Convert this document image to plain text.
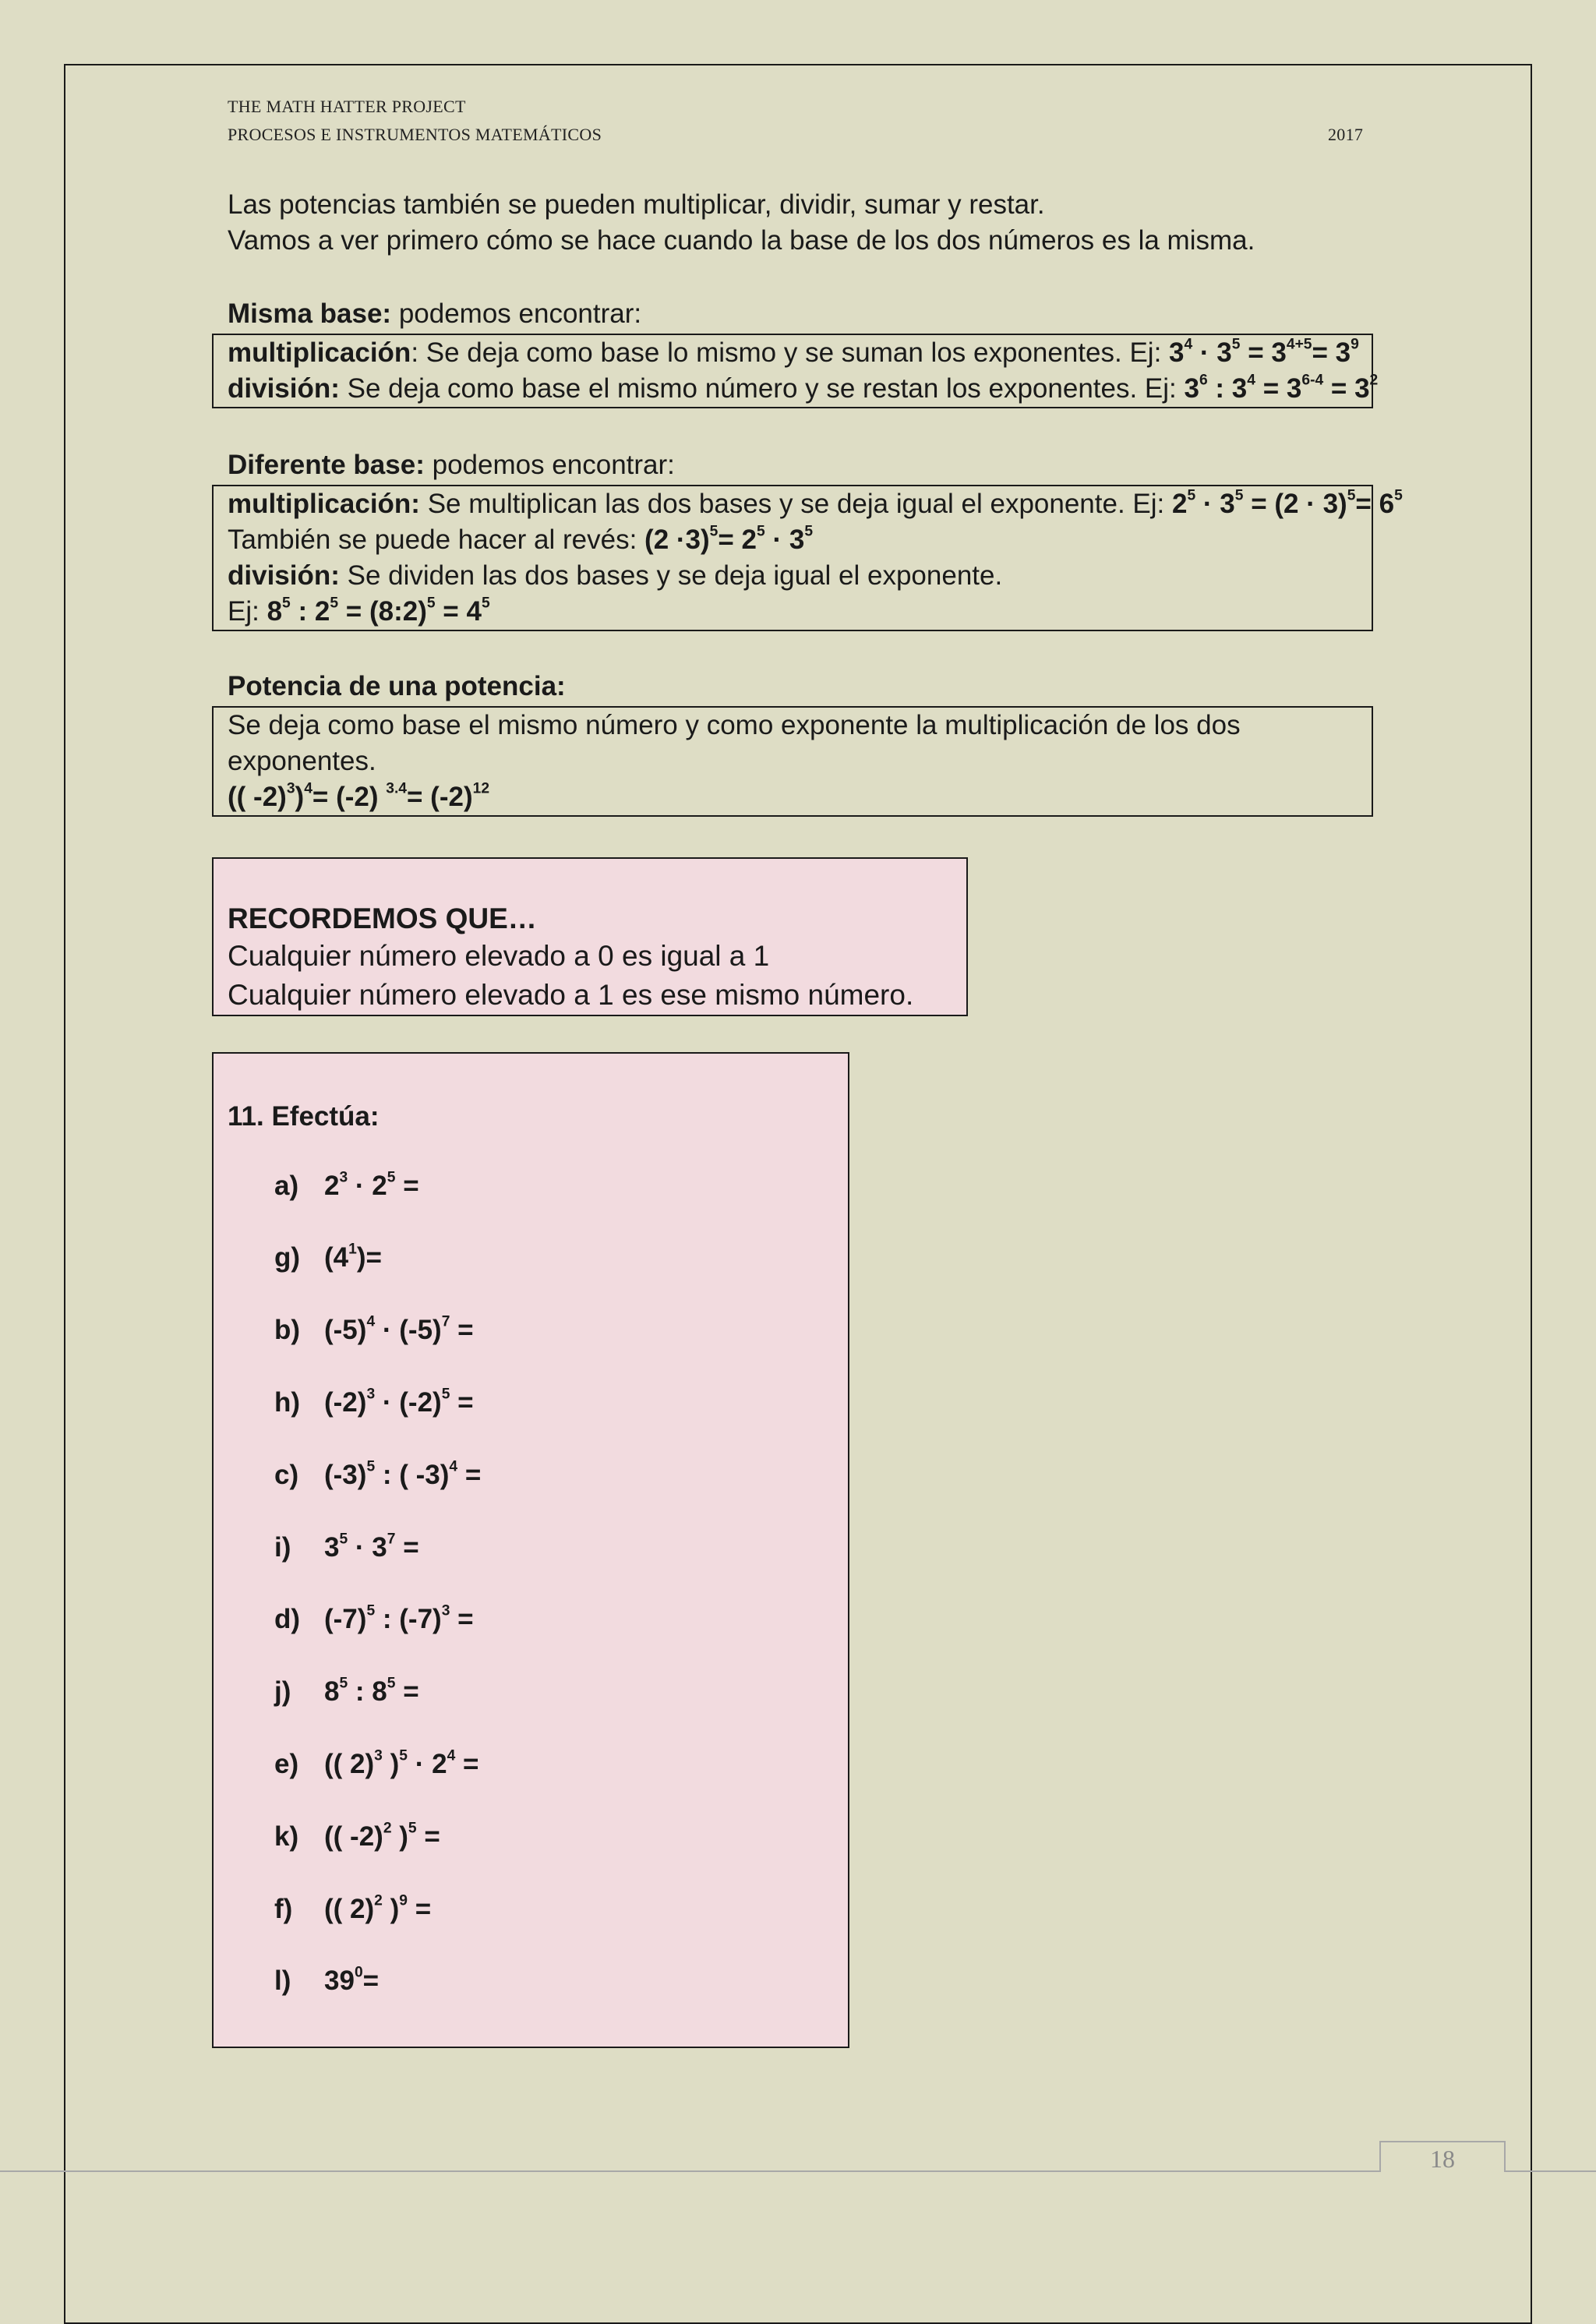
THE MATH HATTER PROJECT
PROCESOS E INSTRUMENTOS MATEMÁTICOS	2017
Las potencias también se pueden multiplicar, dividir, sumar y restar.
Vamos a ver primero cómo se hace cuando la base de los dos números es la misma.
Misma base: podemos encontrar:
multiplicación: Se deja como base lo mismo y se suman los exponentes. Ej: $3^4 \cdot 3^5 = 3^{4+5}= 3^9$
división: Se deja como base el mismo número y se restan los exponentes. Ej: $3^6$ : $3^4 = 3^{6-4} = 3^2$
Diferente base: podemos encontrar:
multiplicación: Se multiplican las dos bases y se deja igual el exponente. Ej: $2^5 \cdot 3^5 = (2 \cdot 3)^5= 6^5$
También se puede hacer al revés: $(2 \cdot 3)^5= 2^5 \cdot 3^5$
división: Se dividen las dos bases y se deja igual el exponente.
Ej: $8^5$ : $2^5$ = (8:2)$^5$ = $4^5$
Potencia de una potencia:
Se deja como base el mismo número y como exponente la multiplicación de los dos
exponentes.
(( -2)$^3$)$^4$= (-2) $^{3.4}= (-2)^{12}$
RECORDEMOS QUE…
Cualquier número elevado a 0 es igual a 1
Cualquier número elevado a 1 es ese mismo número.
11. Efectúa:
a) $2^3 \cdot 2^5$ =
g) $(4^1)=$
b) $(-5)^4 \cdot (-5)^7$ =
h) $(-2)^3 \cdot (-2)^5$ =
c) $(-3)^5$ : ( -3)$^4$ =
i) $3^5 \cdot 3^7$ =
d) $(-7)^5$ : $(-7)^3$ =
j) $8^5$ : $8^5$ =
e) (( 2)$^3$ )$^5 \cdot 2^4$ =
k) (( -2)$^2$ )$^5$ =
f) (( 2)$^2$ )$^9$ =
l) $39^0=$
18
